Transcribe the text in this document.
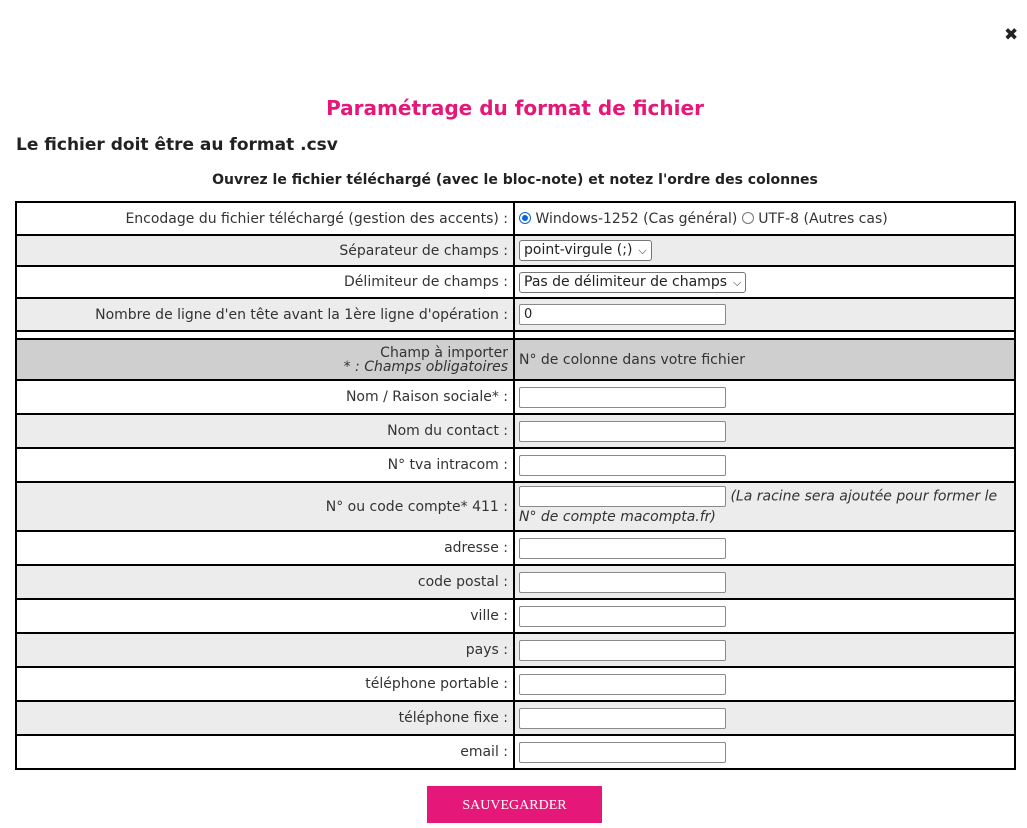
✖
Paramétrage du format de fichier
Le fichier doit être au format .csv
Ouvrez le fichier téléchargé (avec le bloc-note) et notez l'ordre des colonnes
Encodage du fichier téléchargé (gestion des accents) :	Windows-1252 (Cas général) UTF-8 (Autres cas)
Séparateur de champs :	point-virgule (;) ⌵
Délimiteur de champs :	Pas de délimiteur de champs ⌵
Nombre de ligne d'en tête avant la 1ère ligne d'opération :	0

Champ à importer
* : Champs obligatoires	N° de colonne dans votre fichier
Nom / Raison sociale* :	
Nom du contact :	
N° tva intracom :	
N° ou code compte* 411 :	(La racine sera ajoutée pour former le N° de compte macompta.fr)
adresse :	
code postal :	
ville :	
pays :	
téléphone portable :	
téléphone fixe :	
email :	
SAUVEGARDER
